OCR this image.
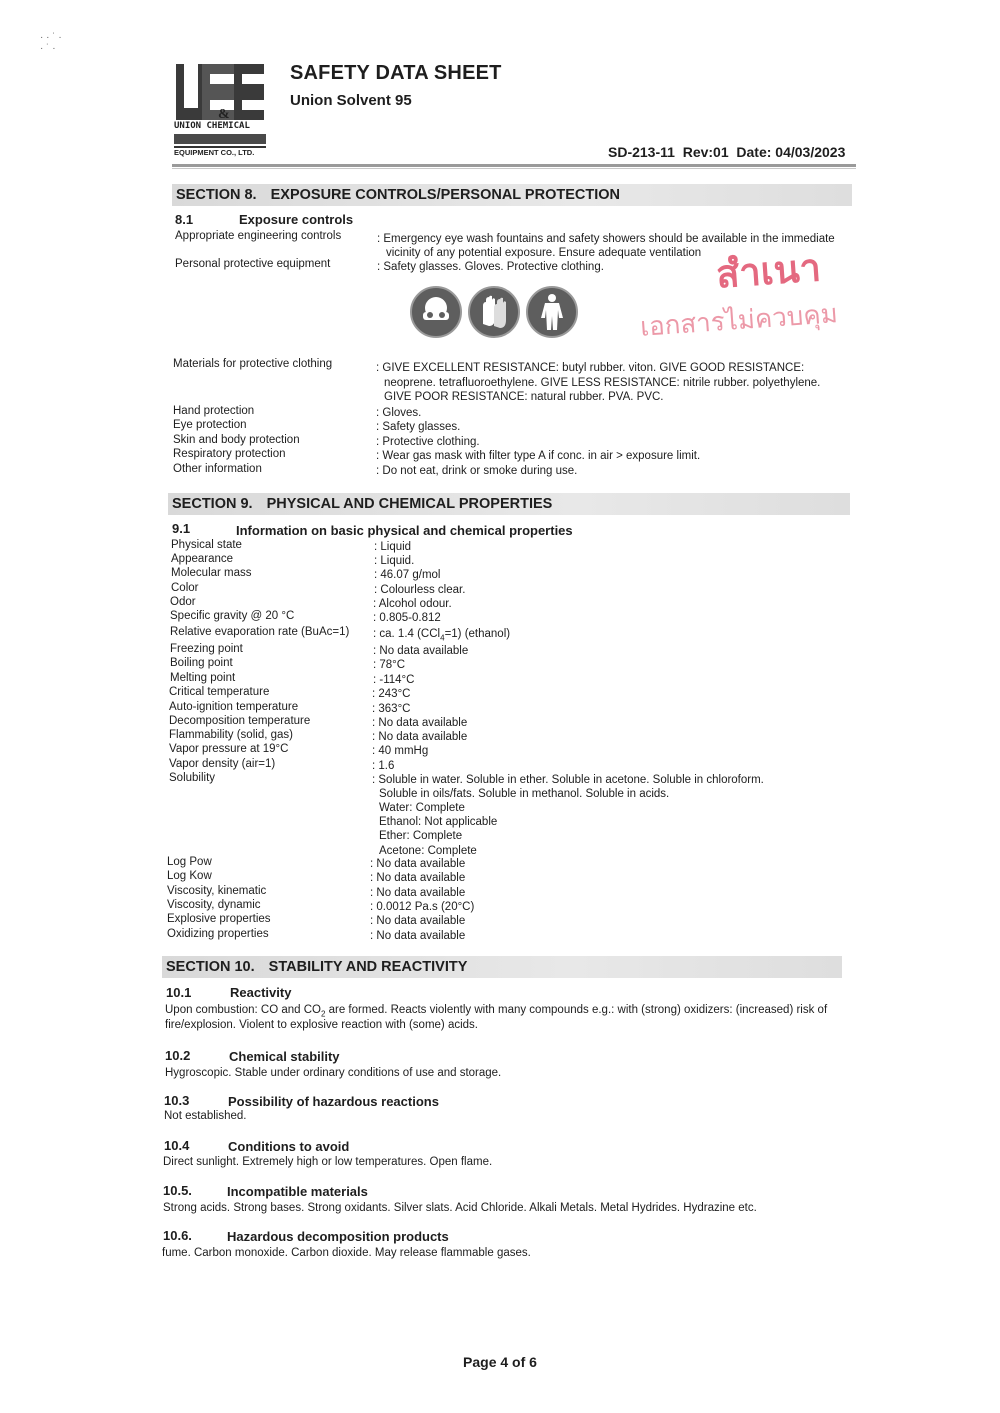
· · ˙ ·
· ˙ ·
&
UNION CHEMICAL
EQUIPMENT CO., LTD.
SAFETY DATA SHEET
Union Solvent 95
SD-213-11  Rev:01  Date: 04/03/2023
SECTION 8. EXPOSURE CONTROLS/PERSONAL PROTECTION
8.1	Exposure controls
Appropriate engineering controls	: Emergency eye wash fountains and safety showers should be available in the immediate
vicinity of any potential exposure. Ensure adequate ventilation
Personal protective equipment	: Safety glasses. Gloves. Protective clothing.	สำเนา
เอกสารไม่ควบคุม
Materials for protective clothing	: GIVE EXCELLENT RESISTANCE: butyl rubber. viton. GIVE GOOD RESISTANCE:
neoprene. tetrafluoroethylene. GIVE LESS RESISTANCE: nitrile rubber. polyethylene.
GIVE POOR RESISTANCE: natural rubber. PVA. PVC.
Hand protection	: Gloves.
Eye protection	: Safety glasses.
Skin and body protection	: Protective clothing.
Respiratory protection	: Wear gas mask with filter type A if conc. in air > exposure limit.
Other information	: Do not eat, drink or smoke during use.
SECTION 9. PHYSICAL AND CHEMICAL PROPERTIES
9.1	Information on basic physical and chemical properties
Physical state	: Liquid
Appearance	: Liquid.
Molecular mass	: 46.07 g/mol
Color	: Colourless clear.
Odor	: Alcohol odour.
Specific gravity @ 20 °C	: 0.805-0.812
Relative evaporation rate (BuAc=1) : ca. 1.4 (CCl$_4$=1) (ethanol)
Freezing point	: No data available
Boiling point	: 78°C
Melting point	: -114°C
Critical temperature	: 243°C
Auto-ignition temperature	: 363°C
Decomposition temperature	: No data available
Flammability (solid, gas)	: No data available
Vapor pressure at 19°C	: 40 mmHg
Vapor density (air=1)	: 1.6
Solubility	: Soluble in water. Soluble in ether. Soluble in acetone. Soluble in chloroform.
Soluble in oils/fats. Soluble in methanol. Soluble in acids.
Water: Complete
Ethanol: Not applicable
Ether: Complete
Acetone: Complete
Log Pow	: No data available
Log Kow	: No data available
Viscosity, kinematic	: No data available
Viscosity, dynamic	: 0.0012 Pa.s (20°C)
Explosive properties	: No data available
Oxidizing properties	: No data available
SECTION 10. STABILITY AND REACTIVITY
10.1	Reactivity
Upon combustion: CO and $CO_2$ are formed. Reacts violently with many compounds e.g.: with (strong) oxidizers: (increased) risk of
fire/explosion. Violent to explosive reaction with (some) acids.
10.2	Chemical stability
Hygroscopic. Stable under ordinary conditions of use and storage.
10.3	Possibility of hazardous reactions
Not established.
10.4	Conditions to avoid
Direct sunlight. Extremely high or low temperatures. Open flame.
10.5.	Incompatible materials
Strong acids. Strong bases. Strong oxidants. Silver slats. Acid Chloride. Alkali Metals. Metal Hydrides. Hydrazine etc.
10.6.	Hazardous decomposition products
fume. Carbon monoxide. Carbon dioxide. May release flammable gases.
Page 4 of 6
